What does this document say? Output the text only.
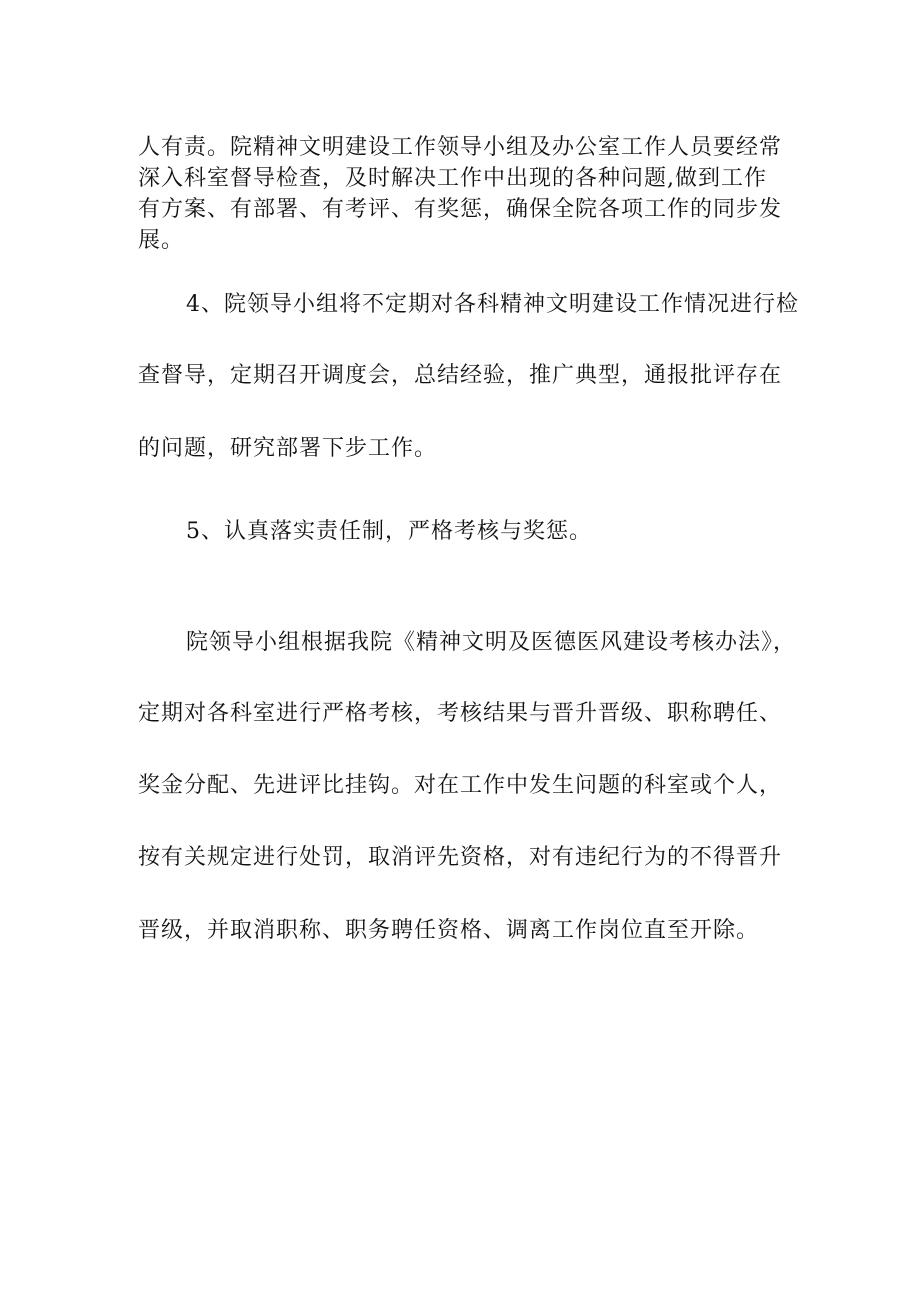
人有责。院精神文明建设工作领导小组及办公室工作人员要经常
深入科室督导检查，及时解决工作中出现的各种问题,做到工作
有方案、有部署、有考评、有奖惩，确保全院各项工作的同步发
展。
4、院领导小组将不定期对各科精神文明建设工作情况进行检
查督导，定期召开调度会，总结经验，推广典型，通报批评存在
的问题，研究部署下步工作。
5、认真落实责任制，严格考核与奖惩。
院领导小组根据我院《精神文明及医德医风建设考核办法》，
定期对各科室进行严格考核，考核结果与晋升晋级、职称聘任、
奖金分配、先进评比挂钩。对在工作中发生问题的科室或个人，
按有关规定进行处罚，取消评先资格，对有违纪行为的不得晋升
晋级，并取消职称、职务聘任资格、调离工作岗位直至开除。
